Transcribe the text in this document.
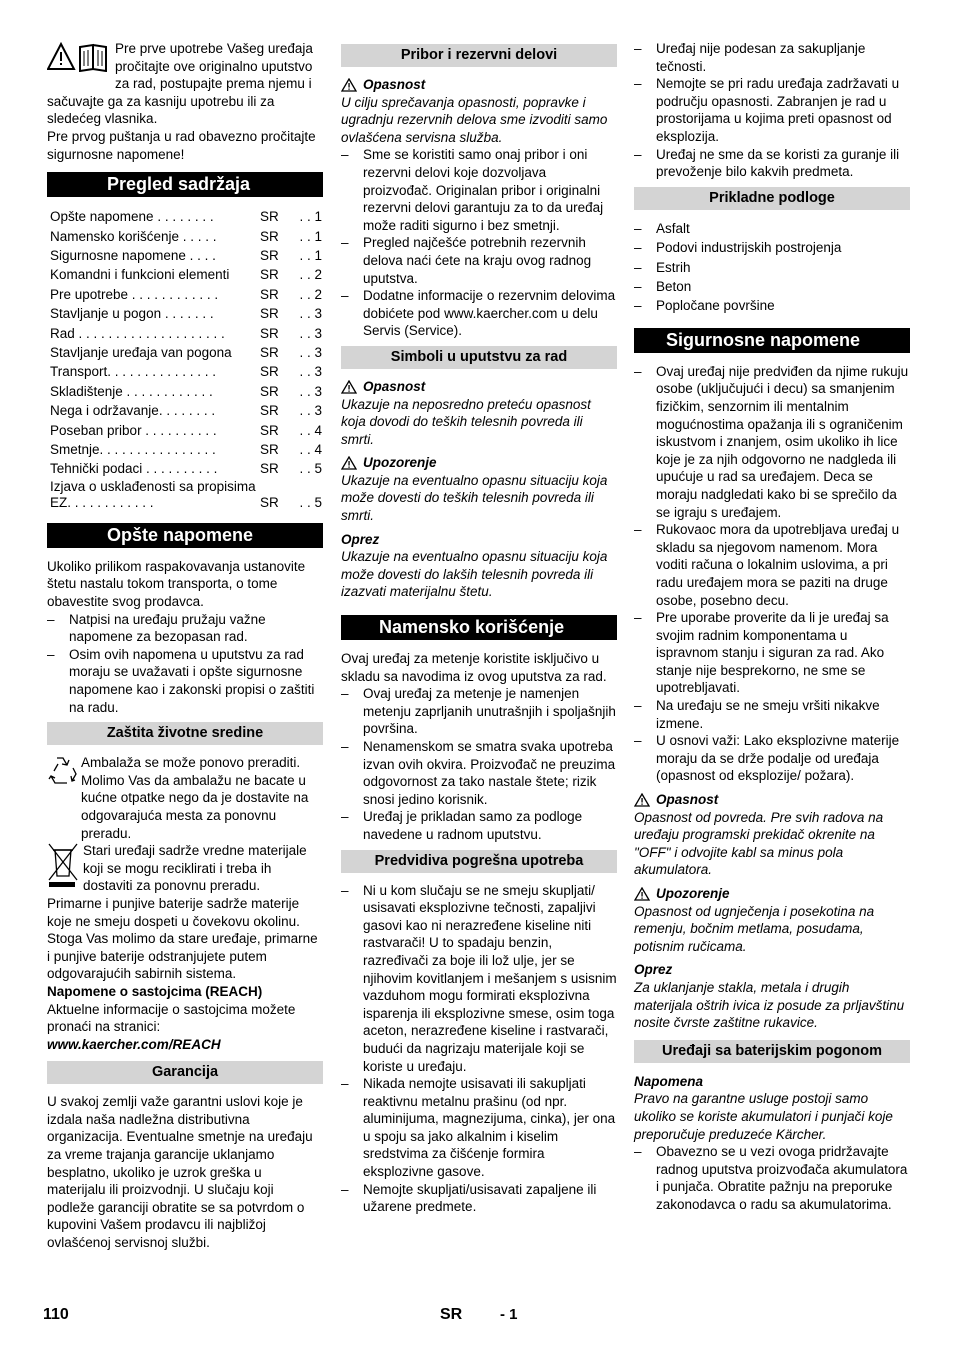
Pre prve upotrebe Vašeg uređaja pročitajte ove originalno uputstvo za rad, postupajte prema njemu i sačuvajte ga za kasniju upotrebu ili za sledećeg vlasnika.

Pre prvog puštanja u rad obavezno pročitajte sigurnosne napomene!

Pregled sadržaja
Opšte napomene . . . . . . . .	SR	. . 1
Namensko korišćenje . . . . .	SR	. . 1
Sigurnosne napomene . . . .	SR	. . 1
Komandni i funkcioni elementi	SR	. . 2
Pre upotrebe . . . . . . . . . . . .	SR	. . 2
Stavljanje u pogon . . . . . . .	SR	. . 3
Rad . . . . . . . . . . . . . . . . . . . .	SR	. . 3
Stavljanje uređaja van pogona	SR	. . 3
Transport. . . . . . . . . . . . . . .	SR	. . 3
Skladištenje . . . . . . . . . . . .	SR	. . 3
Nega i održavanje. . . . . . . .	SR	. . 3
Poseban pribor . . . . . . . . . .	SR	. . 4
Smetnje. . . . . . . . . . . . . . . .	SR	. . 4
Tehnički podaci . . . . . . . . . .	SR	. . 5
Izjava o usklađenosti sa propisima EZ. . . . . . . . . . . .	SR	. . 5
Opšte napomene

Ukoliko prilikom raspakovavanja ustanovite štetu nastalu tokom transporta, o tome obavestite svog prodavca.

– Natpisi na uređaju pružaju važne napomene za bezopasan rad.

– Osim ovih napomena u uputstvu za rad moraju se uvažavati i opšte sigurnosne napomene kao i zakonski propisi o zaštiti na radu.

Zaštita životne sredine

Ambalaža se može ponovo preraditi. Molimo Vas da ambalažu ne bacate u kućne otpatke nego da je dostavite na odgovarajuća mesta za ponovnu preradu.

Stari uređaji sadrže vredne materijale koji se mogu reciklirati i treba ih dostaviti za ponovnu preradu.

Primarne i punjive baterije sadrže materije koje ne smeju dospeti u čovekovu okolinu. Stoga Vas molimo da stare uređaje, primarne i punjive baterije odstranjujete putem odgovarajućih sabirnih sistema.

Napomene o sastojcima (REACH)

Aktuelne informacije o sastojcima možete pronaći na stranici:

www.kaercher.com/REACH

Garancija

U svakoj zemlji važe garantni uslovi koje je izdala naša nadležna distributivna organizacija. Eventualne smetnje na uređaju za vreme trajanja garancije uklanjamo besplatno, ukoliko je uzrok greška u materijalu ili proizvodnji. U slučaju koji podleže garanciji obratite se sa potvrdom o kupovini Vašem prodavcu ili najbližoj ovlašćenoj servisnoj službi.

Pribor i rezervni delovi
Opasnost

U cilju sprečavanja opasnosti, popravke i ugradnju rezervnih delova sme izvoditi samo ovlašćena servisna služba.

– Sme se koristiti samo onaj pribor i oni rezervni delovi koje dozvoljava proizvođač. Originalan pribor i originalni rezervni delovi garantuju za to da uređaj može raditi sigurno i bez smetnji.

– Pregled najčešće potrebnih rezervnih delova naći ćete na kraju ovog radnog uputstva.

– Dodatne informacije o rezervnim delovima dobićete pod www.kaercher.com u delu Servis (Service).

Simboli u uputstvu za rad
Opasnost

Ukazuje na neposredno preteću opasnost koja dovodi do teških telesnih povreda ili smrti.

Upozorenje

Ukazuje na eventualno opasnu situaciju koja može dovesti do teških telesnih povreda ili smrti.

Oprez

Ukazuje na eventualno opasnu situaciju koja može dovesti do lakših telesnih povreda ili izazvati materijalnu štetu.

Namensko korišćenje

Ovaj uređaj za metenje koristite isključivo u skladu sa navodima iz ovog uputstva za rad.

– Ovaj uređaj za metenje je namenjen metenju zaprljanih unutrašnjih i spoljašnjih površina.

– Nenamenskom se smatra svaka upotreba izvan ovih okvira. Proizvođač ne preuzima odgovornost za tako nastale štete; rizik snosi jedino korisnik.

– Uređaj je prikladan samo za podloge navedene u radnom uputstvu.

Predvidiva pogrešna upotreba

– Ni u kom slučaju se ne smeju skupljati/ usisavati eksplozivne tečnosti, zapaljivi gasovi kao ni nerazređene kiseline niti rastvarači! U to spadaju benzin, razređivači za boje ili lož ulje, jer se njihovim kovitlanjem i mešanjem s usisnim vazduhom mogu formirati eksplozivna isparenja ili eksplozivne smese, osim toga aceton, nerazređene kiseline i rastvarači, budući da nagrizaju materijale koji se koriste u uređaju.

– Nikada nemojte usisavati ili sakupljati reaktivnu metalnu prašinu (od npr. aluminijuma, magnezijuma, cinka), jer ona u spoju sa jako alkalnim i kiselim sredstvima za čišćenje formira eksplozivne gasove.

– Nemojte skupljati/usisavati zapaljene ili užarene predmete.

– Uređaj nije podesan za sakupljanje tečnosti.

– Nemojte se pri radu uređaja zadržavati u području opasnosti. Zabranjen je rad u prostorijama u kojima preti opasnost od eksplozija.

– Uređaj ne sme da se koristi za guranje ili prevoženje bilo kakvih predmeta.

Prikladne podloge

– Asfalt

– Podovi industrijskih postrojenja

– Estrih

– Beton

– Popločane površine

Sigurnosne napomene

– Ovaj uređaj nije predviđen da njime rukuju osobe (uključujući i decu) sa smanjenim fizičkim, senzornim ili mentalnim mogućnostima opažanja ili s ograničenim iskustvom i znanjem, osim ukoliko ih lice koje je za njih odgovorno ne nadgleda ili upućuje u rad sa uređajem. Deca se moraju nadgledati kako bi se sprečilo da se igraju s uređajem.

– Rukovaoc mora da upotrebljava uređaj u skladu sa njegovom namenom. Mora voditi računa o lokalnim uslovima, a pri radu uređajem mora se paziti na druge osobe, posebno decu.

– Pre uporabe proverite da li je uređaj sa svojim radnim komponentama u ispravnom stanju i siguran za rad. Ako stanje nije besprekorno, ne sme se upotrebljavati.

– Na uređaju se ne smeju vršiti nikakve izmene.

– U osnovi važi: Lako eksplozivne materije moraju da se drže podalje od uređaja (opasnost od eksplozije/ požara).

Opasnost

Opasnost od povreda. Pre svih radova na uređaju programski prekidač okrenite na "OFF" i odvojite kabl sa minus pola akumulatora.

Upozorenje

Opasnost od ugnječenja i posekotina na remenju, bočnim metlama, posudama, potisnim ručicama.

Oprez

Za uklanjanje stakla, metala i drugih materijala oštrih ivica iz posude za prljavštinu nosite čvrste zaštitne rukavice.

Uređaji sa baterijskim pogonom

Napomena

Pravo na garantne usluge postoji samo ukoliko se koriste akumulatori i punjači koje preporučuje preduzeće Kärcher.

– Obavezno se u vezi ovoga pridržavajte radnog uputstva proizvođača akumulatora i punjača. Obratite pažnju na preporuke zakonodavca o radu sa akumulatorima.

110	SR	- 1
